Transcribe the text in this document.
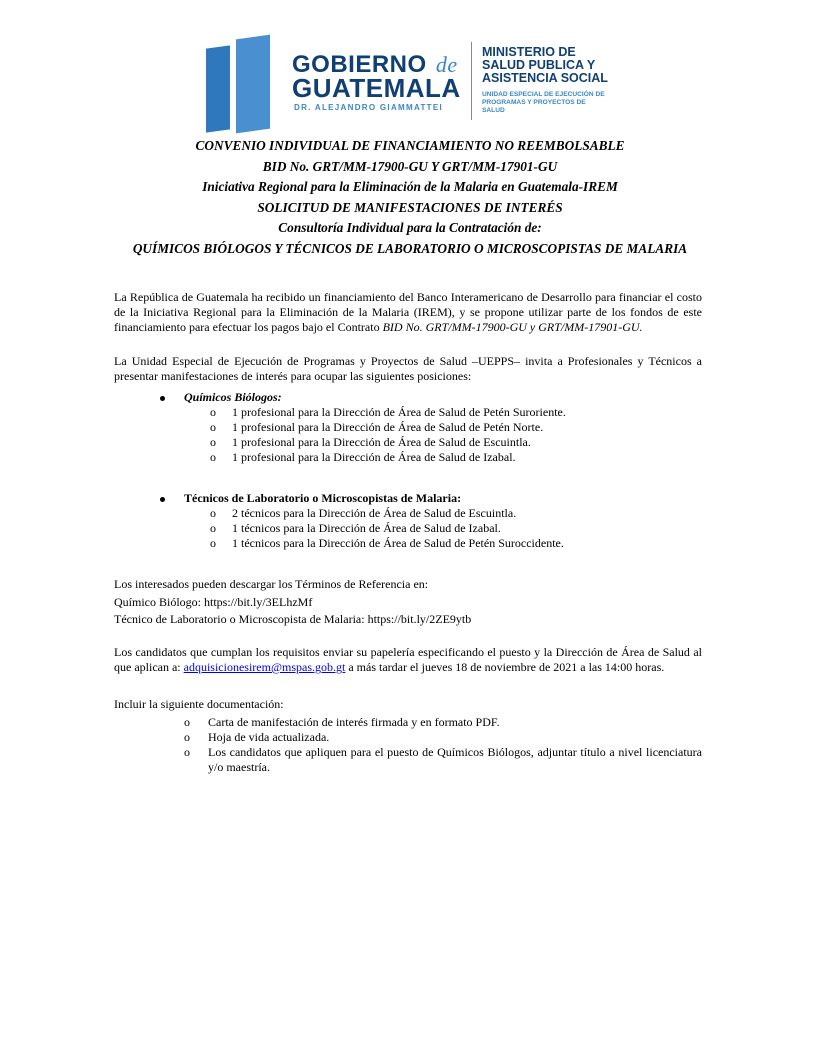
GOBIERNO de
GUATEMALA
DR. ALEJANDRO GIAMMATTEI
MINISTERIO DE
SALUD PUBLICA Y
ASISTENCIA SOCIAL
UNIDAD ESPECIAL DE EJECUCIÓN DE
PROGRAMAS Y PROYECTOS DE
SALUD
CONVENIO INDIVIDUAL DE FINANCIAMIENTO NO REEMBOLSABLE
BID No. GRT/MM-17900-GU Y GRT/MM-17901-GU
Iniciativa Regional para la Eliminación de la Malaria en Guatemala-IREM
SOLICITUD DE MANIFESTACIONES DE INTERÉS
Consultoría Individual para la Contratación de:
QUÍMICOS BIÓLOGOS Y TÉCNICOS DE LABORATORIO O MICROSCOPISTAS DE MALARIA
La República de Guatemala ha recibido un financiamiento del Banco Interamericano de Desarrollo para financiar el costo de la Iniciativa Regional para la Eliminación de la Malaria (IREM), y se propone utilizar parte de los fondos de este financiamiento para efectuar los pagos bajo el Contrato BID No. GRT/MM-17900-GU y GRT/MM-17901-GU.
La Unidad Especial de Ejecución de Programas y Proyectos de Salud –UEPPS– invita a Profesionales y Técnicos a presentar manifestaciones de interés para ocupar las siguientes posiciones:
Químicos Biólogos:
o 1 profesional para la Dirección de Área de Salud de Petén Suroriente.
o 1 profesional para la Dirección de Área de Salud de Petén Norte.
o 1 profesional para la Dirección de Área de Salud de Escuintla.
o 1 profesional para la Dirección de Área de Salud de Izabal.
Técnicos de Laboratorio o Microscopistas de Malaria:
o 2 técnicos para la Dirección de Área de Salud de Escuintla.
o 1 técnicos para la Dirección de Área de Salud de Izabal.
o 1 técnicos para la Dirección de Área de Salud de Petén Suroccidente.
Los interesados pueden descargar los Términos de Referencia en:
Químico Biólogo: https://bit.ly/3ELhzMf
Técnico de Laboratorio o Microscopista de Malaria: https://bit.ly/2ZE9ytb
Los candidatos que cumplan los requisitos enviar su papelería especificando el puesto y la Dirección de Área de Salud al que aplican a: adquisicionesirem@mspas.gob.gt a más tardar el jueves 18 de noviembre de 2021 a las 14:00 horas.
Incluir la siguiente documentación:
o Carta de manifestación de interés firmada y en formato PDF.
o Hoja de vida actualizada.
o Los candidatos que apliquen para el puesto de Químicos Biólogos, adjuntar título a nivel licenciatura y/o maestría.
